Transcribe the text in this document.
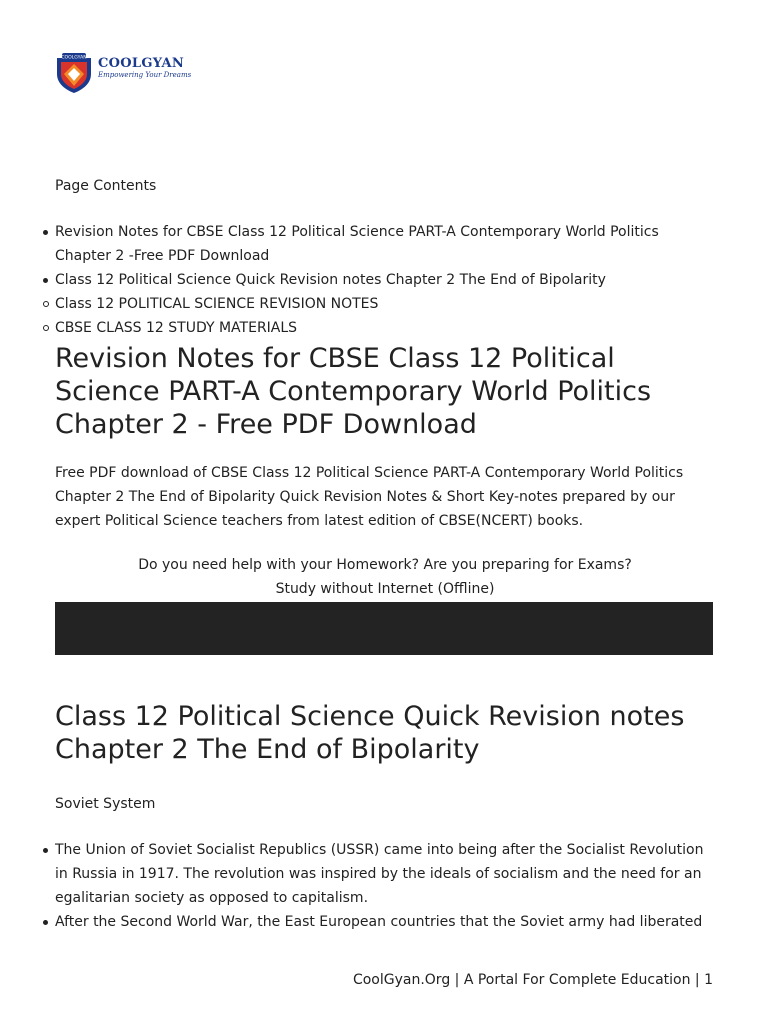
COOLGYAN COOLGYAN
Empowering Your Dreams

Page Contents

Revision Notes for CBSE Class 12 Political Science PART-A Contemporary World Politics Chapter 2 -Free PDF Download
Class 12 Political Science Quick Revision notes Chapter 2 The End of Bipolarity
Class 12 POLITICAL SCIENCE REVISION NOTES
CBSE CLASS 12 STUDY MATERIALS
Revision Notes for CBSE Class 12 Political Science PART-A Contemporary World Politics Chapter 2 - Free PDF Download

Free PDF download of CBSE Class 12 Political Science PART-A Contemporary World Politics Chapter 2 The End of Bipolarity Quick Revision Notes & Short Key-notes prepared by our expert Political Science teachers from latest edition of CBSE(NCERT) books.

Do you need help with your Homework? Are you preparing for Exams?

Study without Internet (Offline)

Class 12 Political Science Quick Revision notes Chapter 2 The End of Bipolarity

Soviet System

The Union of Soviet Socialist Republics (USSR) came into being after the Socialist Revolution in Russia in 1917. The revolution was inspired by the ideals of socialism and the need for an egalitarian society as opposed to capitalism.
After the Second World War, the East European countries that the Soviet army had liberated
CoolGyan.Org | A Portal For Complete Education | 1
